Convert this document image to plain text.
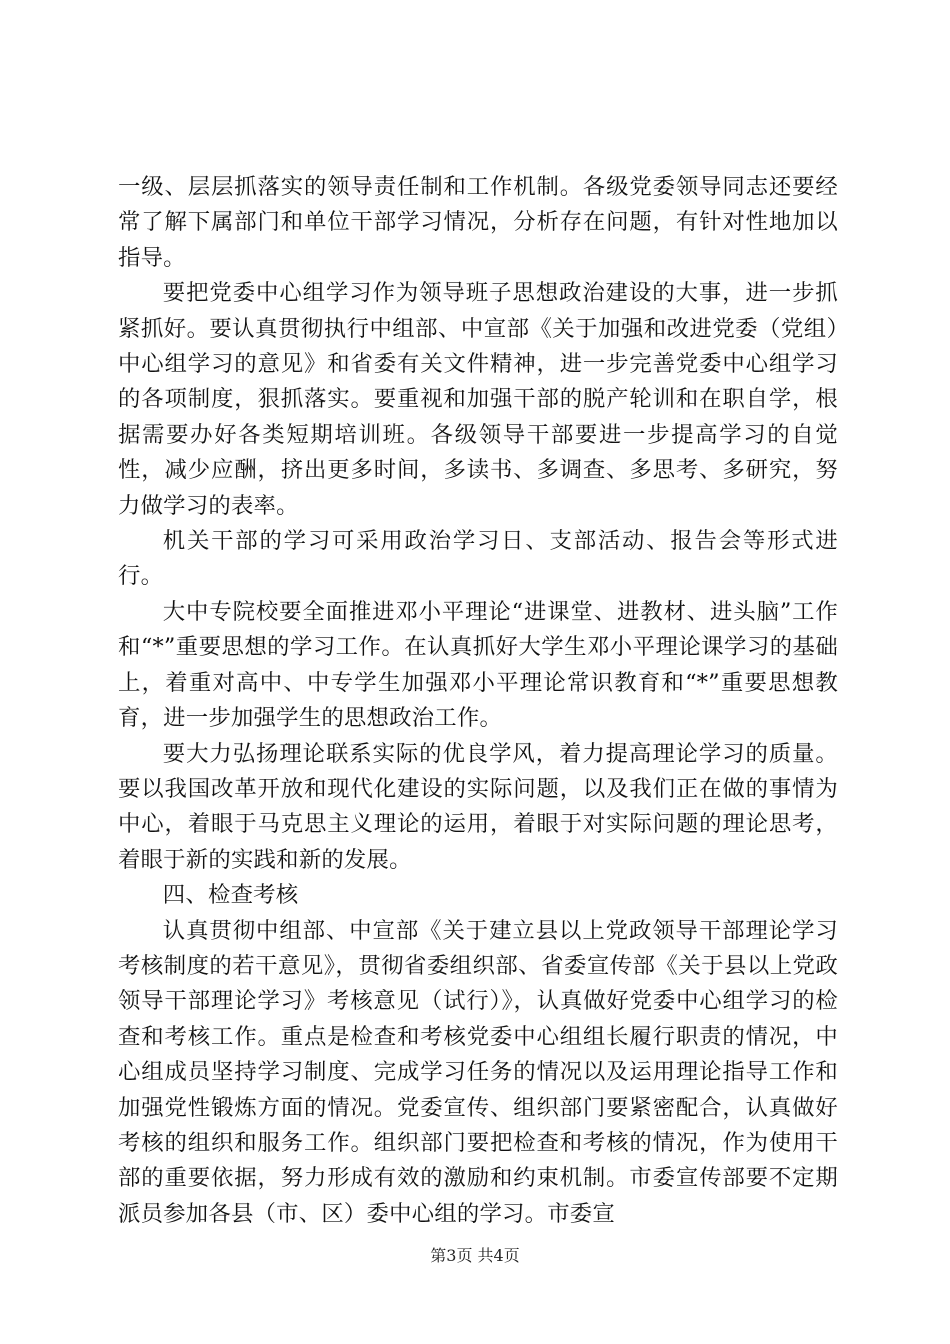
一级、层层抓落实的领导责任制和工作机制。各级党委领导同志还要经常了解下属部门和单位干部学习情况，分析存在问题，有针对性地加以指导。

要把党委中心组学习作为领导班子思想政治建设的大事，进一步抓紧抓好。要认真贯彻执行中组部、中宣部《关于加强和改进党委（党组）中心组学习的意见》和省委有关文件精神，进一步完善党委中心组学习的各项制度，狠抓落实。要重视和加强干部的脱产轮训和在职自学，根据需要办好各类短期培训班。各级领导干部要进一步提高学习的自觉性，减少应酬，挤出更多时间，多读书、多调查、多思考、多研究，努力做学习的表率。

机关干部的学习可采用政治学习日、支部活动、报告会等形式进行。

大中专院校要全面推进邓小平理论“进课堂、进教材、进头脑”工作和“*”重要思想的学习工作。在认真抓好大学生邓小平理论课学习的基础上，着重对高中、中专学生加强邓小平理论常识教育和“*”重要思想教育，进一步加强学生的思想政治工作。

要大力弘扬理论联系实际的优良学风，着力提高理论学习的质量。要以我国改革开放和现代化建设的实际问题，以及我们正在做的事情为中心，着眼于马克思主义理论的运用，着眼于对实际问题的理论思考，着眼于新的实践和新的发展。

四、检查考核

认真贯彻中组部、中宣部《关于建立县以上党政领导干部理论学习考核制度的若干意见》，贯彻省委组织部、省委宣传部《关于县以上党政领导干部理论学习》考核意见（试行）》，认真做好党委中心组学习的检查和考核工作。重点是检查和考核党委中心组组长履行职责的情况，中心组成员坚持学习制度、完成学习任务的情况以及运用理论指导工作和加强党性锻炼方面的情况。党委宣传、组织部门要紧密配合，认真做好考核的组织和服务工作。组织部门要把检查和考核的情况，作为使用干部的重要依据，努力形成有效的激励和约束机制。市委宣传部要不定期派员参加各县（市、区）委中心组的学习。市委宣

第3页 共4页
